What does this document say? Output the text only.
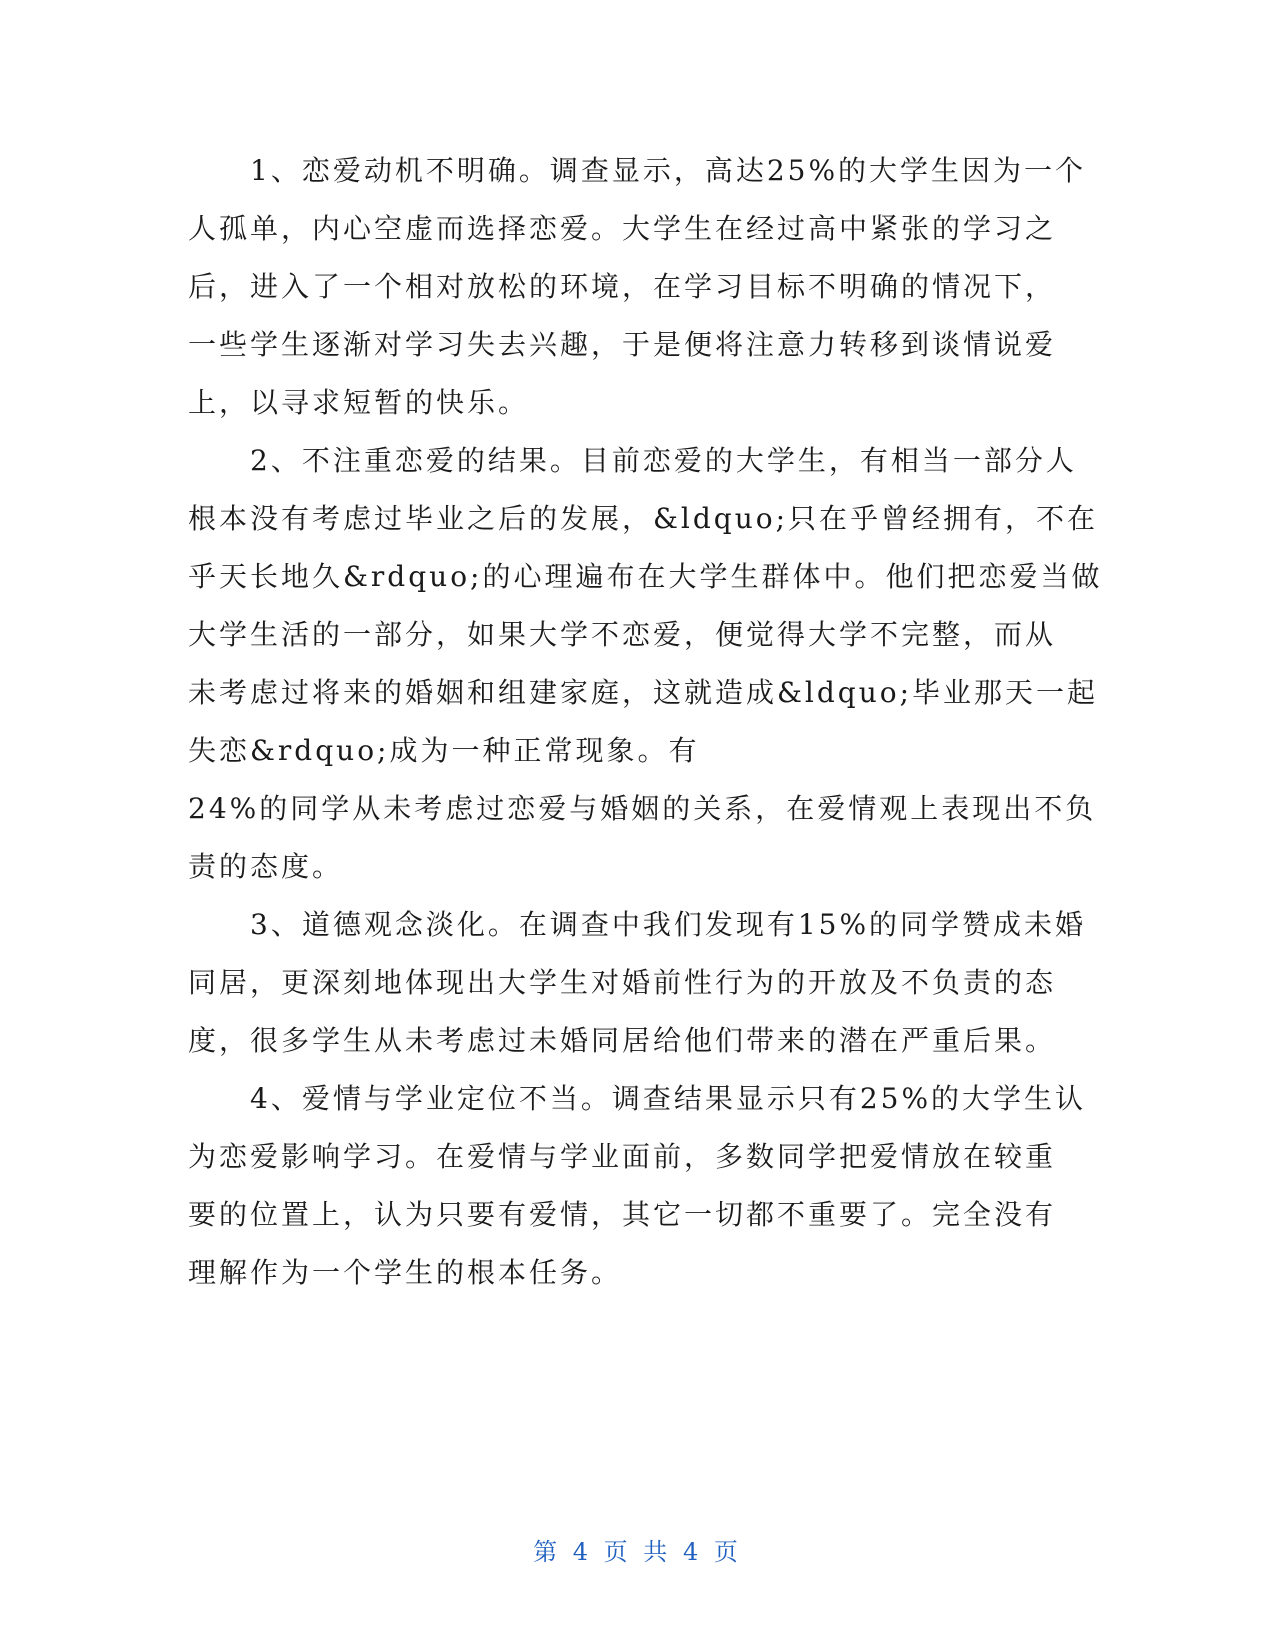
　　1、恋爱动机不明确。调查显示，高达25%的大学生因为一个
人孤单，内心空虚而选择恋爱。大学生在经过高中紧张的学习之
后，进入了一个相对放松的环境，在学习目标不明确的情况下，
一些学生逐渐对学习失去兴趣，于是便将注意力转移到谈情说爱
上，以寻求短暂的快乐。

　　2、不注重恋爱的结果。目前恋爱的大学生，有相当一部分人
根本没有考虑过毕业之后的发展，&ldquo;只在乎曾经拥有，不在
乎天长地久&rdquo;的心理遍布在大学生群体中。他们把恋爱当做
大学生活的一部分，如果大学不恋爱，便觉得大学不完整，而从
未考虑过将来的婚姻和组建家庭，这就造成&ldquo;毕业那天一起
失恋&rdquo;成为一种正常现象。有
24%的同学从未考虑过恋爱与婚姻的关系，在爱情观上表现出不负
责的态度。

　　3、道德观念淡化。在调查中我们发现有15%的同学赞成未婚
同居，更深刻地体现出大学生对婚前性行为的开放及不负责的态
度，很多学生从未考虑过未婚同居给他们带来的潜在严重后果。

　　4、爱情与学业定位不当。调查结果显示只有25%的大学生认
为恋爱影响学习。在爱情与学业面前，多数同学把爱情放在较重
要的位置上，认为只要有爱情，其它一切都不重要了。完全没有
理解作为一个学生的根本任务。

第 4 页 共 4 页
